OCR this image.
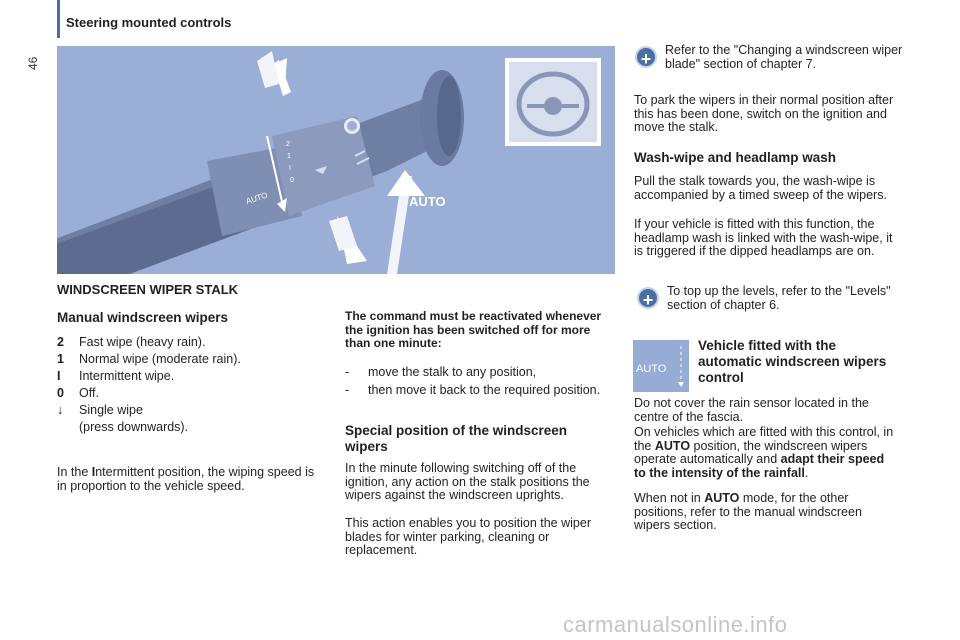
46
Steering mounted controls
2
1
I
0
AUTO	AUTO
WINDSCREEN WIPER STALK
Manual windscreen wipers
2 Fast wipe (heavy rain).
1 Normal wipe (moderate rain).
I Intermittent wipe.
0 Off.
↓ Single wipe
(press downwards).

In the Intermittent position, the wiping speed is in proportion to the vehicle speed.

The command must be reactivated whenever the ignition has been switched off for more than one minute:

-	move the stalk to any position,
-	then move it back to the required position.
Special position of the windscreen wipers

In the minute following switching off of the ignition, any action on the stalk positions the wipers against the windscreen uprights.

This action enables you to position the wiper blades for winter parking, cleaning or replacement.

+	Refer to the "Changing a windscreen wiper blade" section of chapter 7.

To park the wipers in their normal position after this has been done, switch on the ignition and move the stalk.

Wash-wipe and headlamp wash

Pull the stalk towards you, the wash-wipe is accompanied by a timed sweep of the wipers.

If your vehicle is fitted with this function, the headlamp wash is linked with the wash-wipe, it is triggered if the dipped headlamps are on.

+	To top up the levels, refer to the "Levels" section of chapter 6.

AUTO
Vehicle fitted with the automatic windscreen wipers control

Do not cover the rain sensor located in the centre of the fascia.

On vehicles which are fitted with this control, in the AUTO position, the windscreen wipers operate automatically and adapt their speed to the intensity of the rainfall.

When not in AUTO mode, for the other positions, refer to the manual windscreen wipers section.

carmanualsonline.info
